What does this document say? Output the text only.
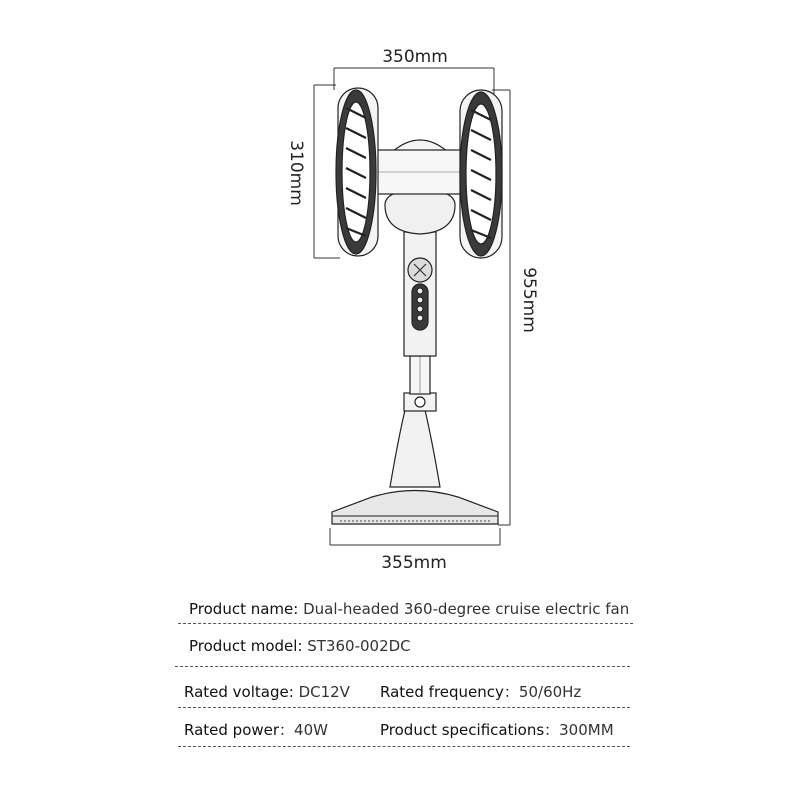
350mm
310mm
955mm
355mm
Product name: Dual-headed 360-degree cruise electric fan
Product model: ST360-002DC
Rated voltage: DC12V Rated frequency：50/60Hz
Rated power：40W	Product specifications：300MM
